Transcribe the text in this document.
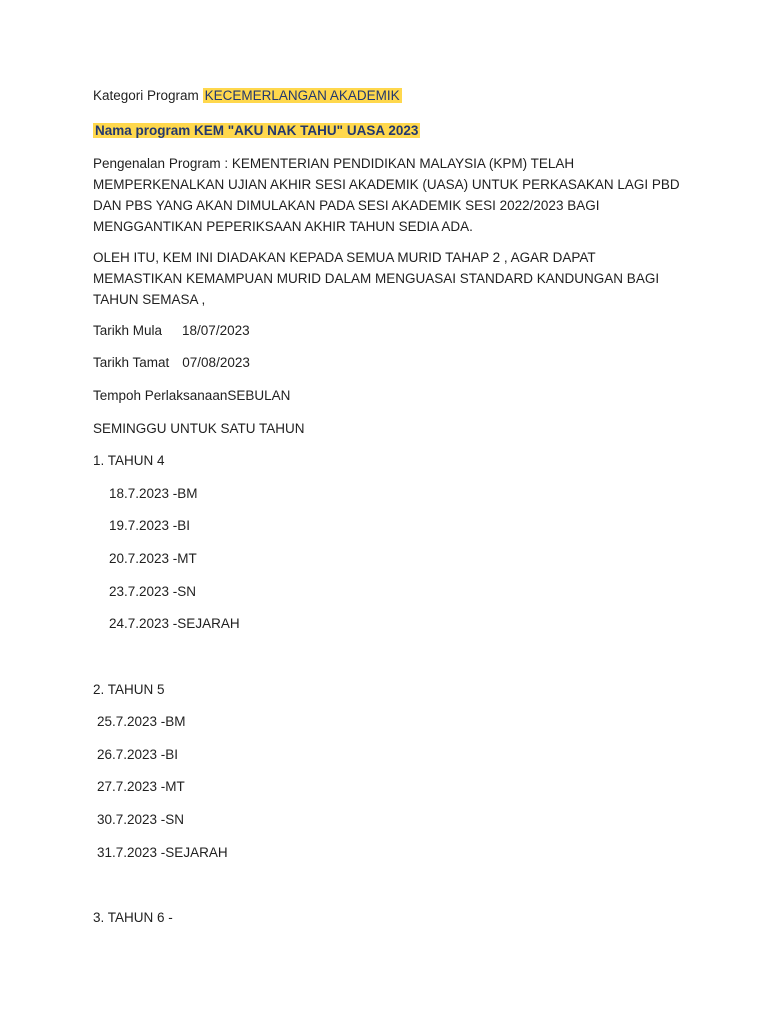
Kategori Program KECEMERLANGAN AKADEMIK
Nama program KEM "AKU NAK TAHU" UASA 2023
Pengenalan Program : KEMENTERIAN PENDIDIKAN MALAYSIA (KPM) TELAH
MEMPERKENALKAN UJIAN AKHIR SESI AKADEMIK (UASA) UNTUK PERKASAKAN LAGI PBD
DAN PBS YANG AKAN DIMULAKAN PADA SESI AKADEMIK SESI 2022/2023 BAGI
MENGGANTIKAN PEPERIKSAAN AKHIR TAHUN SEDIA ADA.
OLEH ITU, KEM INI DIADAKAN KEPADA SEMUA MURID TAHAP 2 , AGAR DAPAT
MEMASTIKAN KEMAMPUAN MURID DALAM MENGUASAI STANDARD KANDUNGAN BAGI
TAHUN SEMASA ,
Tarikh Mula 18/07/2023
Tarikh Tamat 07/08/2023
Tempoh PerlaksanaanSEBULAN
SEMINGGU UNTUK SATU TAHUN
1. TAHUN 4
18.7.2023 -BM
19.7.2023 -BI
20.7.2023 -MT
23.7.2023 -SN
24.7.2023 -SEJARAH
2. TAHUN 5
25.7.2023 -BM
26.7.2023 -BI
27.7.2023 -MT
30.7.2023 -SN
31.7.2023 -SEJARAH
3. TAHUN 6 -
